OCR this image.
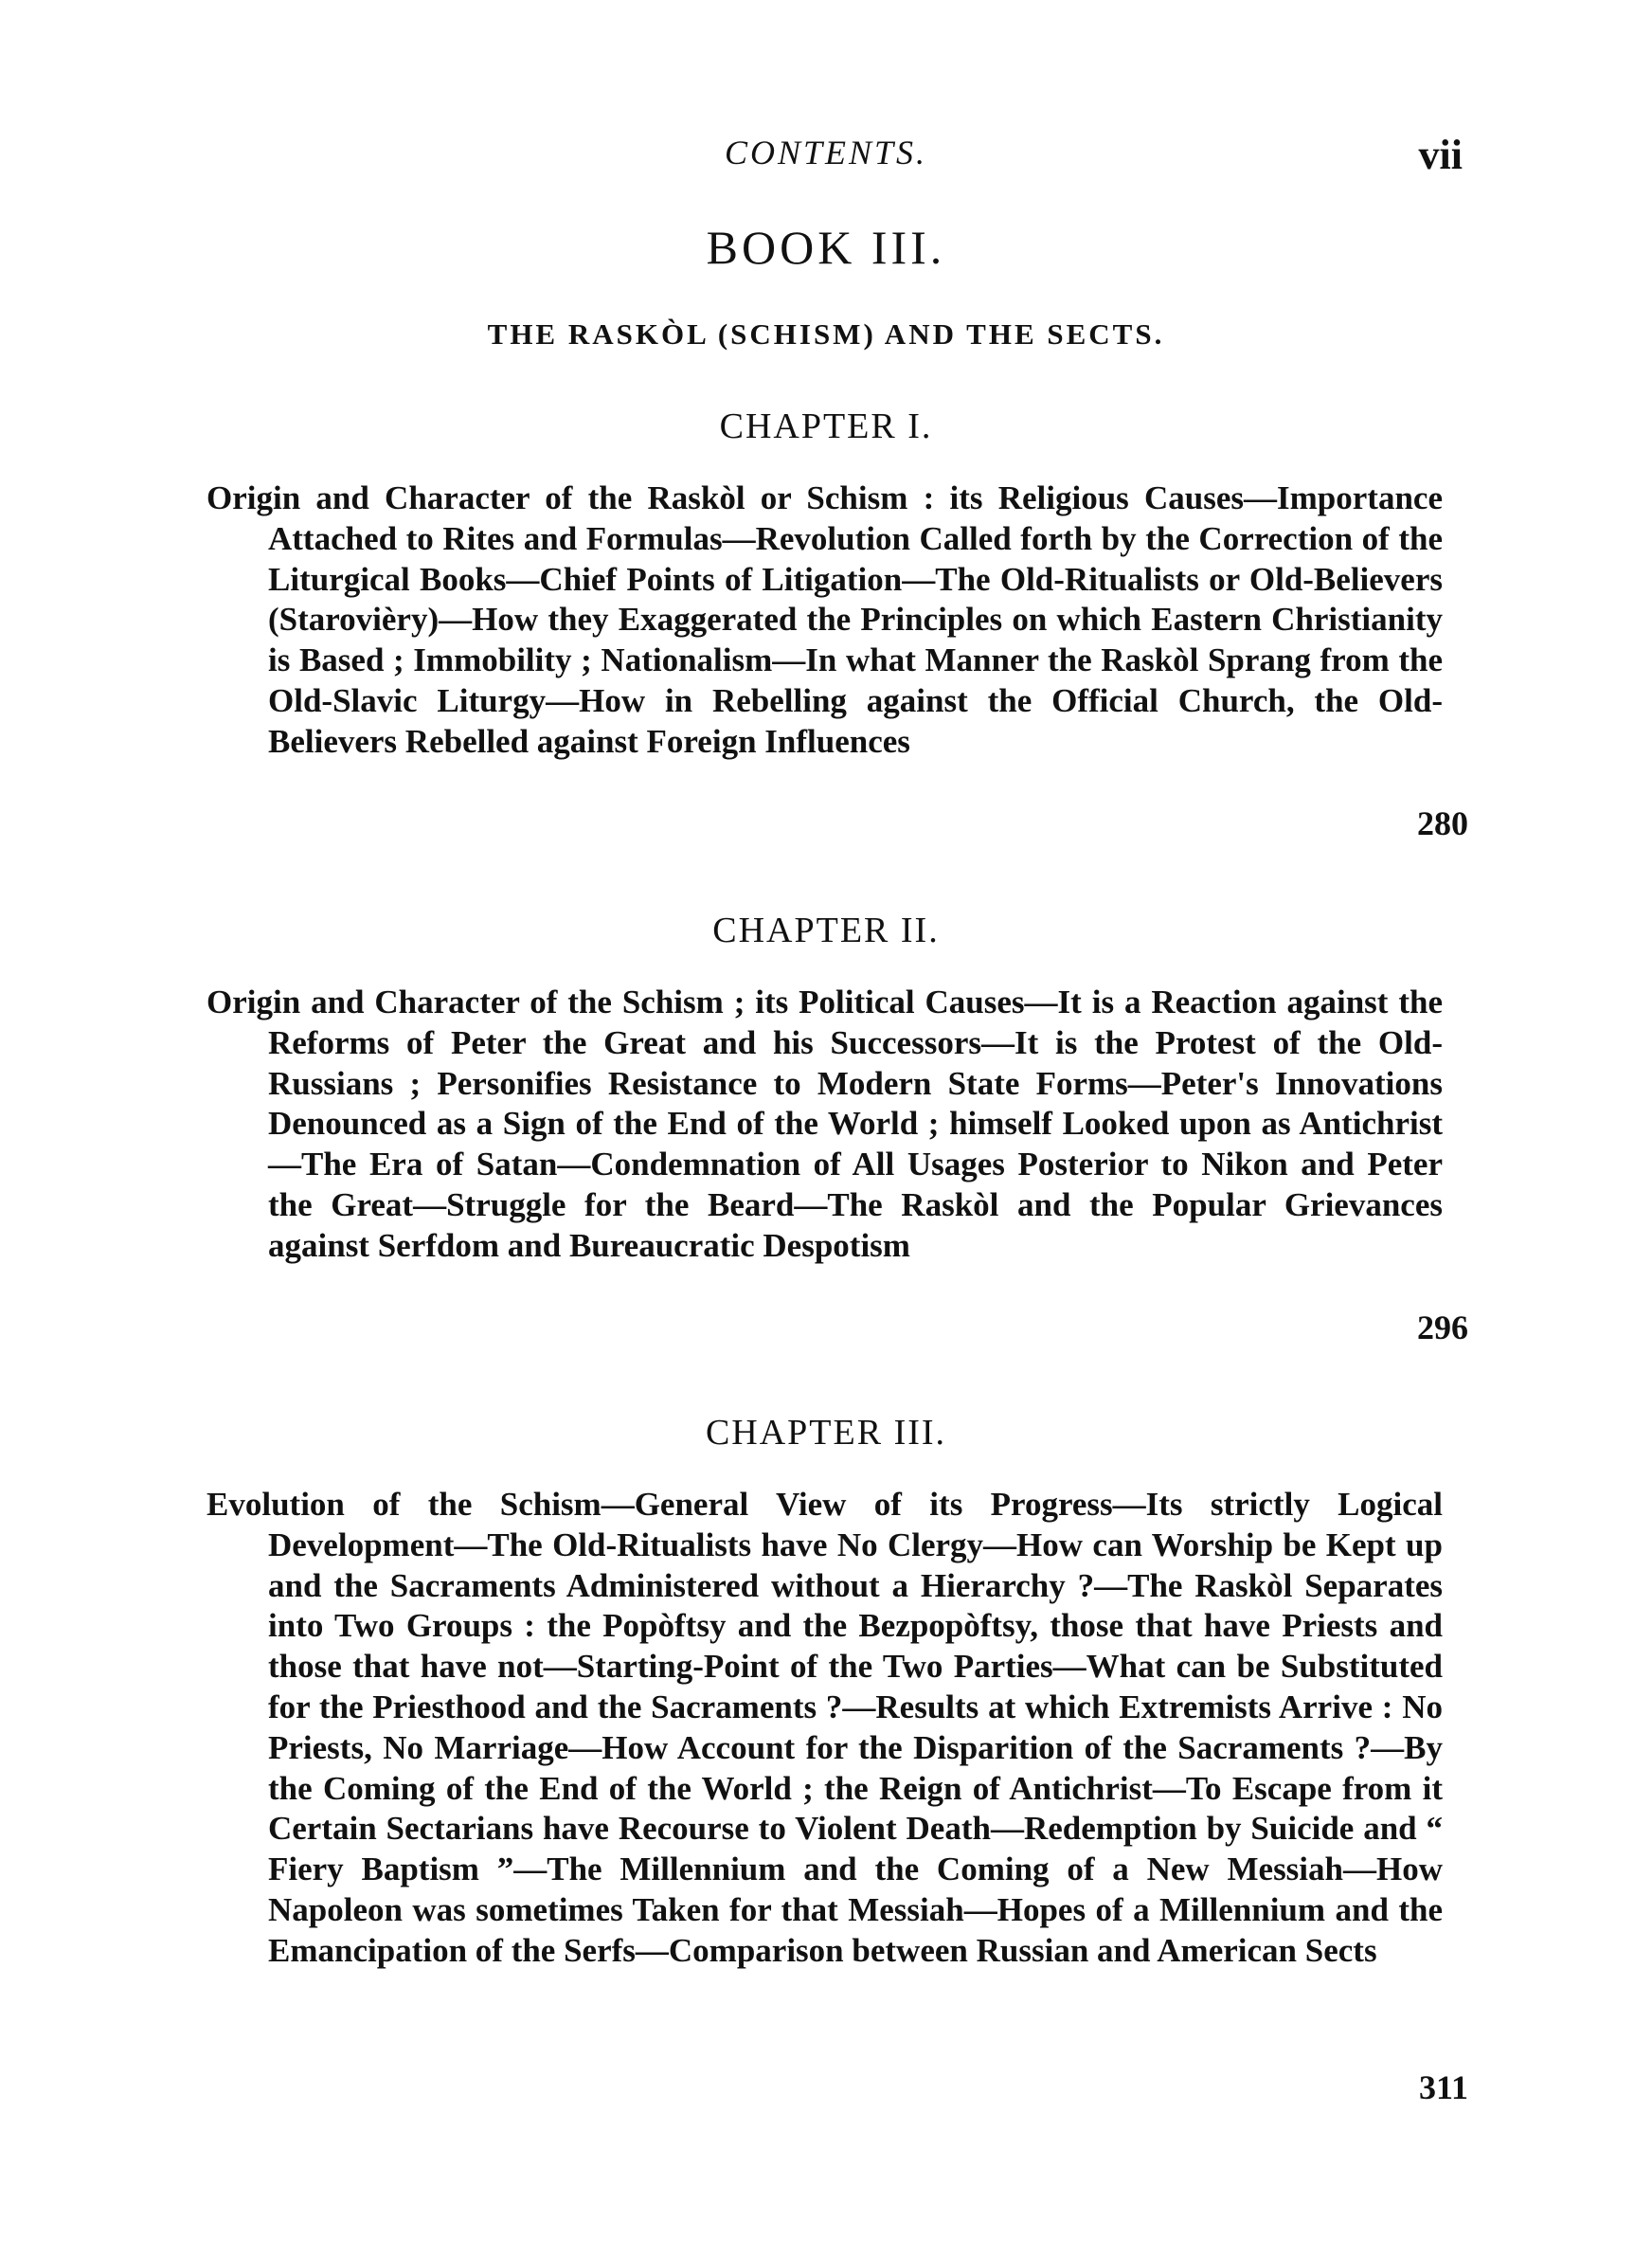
CONTENTS.	vii
BOOK III.
THE RASKÒL (SCHISM) AND THE SECTS.
CHAPTER I.
Origin and Character of the Raskòl or Schism : its Religious Causes—Importance Attached to Rites and Formulas—Revolution Called forth by the Correction of the Liturgical Books—Chief Points of Litigation—The Old-Ritualists or Old-Believers (Starovièry)—How they Exaggerated the Principles on which Eastern Christianity is Based ; Immobility ; Nationalism—In what Manner the Raskòl Sprang from the Old-Slavic Liturgy—How in Rebelling against the Official Church, the Old-Believers Rebelled against Foreign Influences
280
CHAPTER II.
Origin and Character of the Schism ; its Political Causes—It is a Reaction against the Reforms of Peter the Great and his Successors—It is the Protest of the Old-Russians ; Personifies Resistance to Modern State Forms—Peter's Innovations Denounced as a Sign of the End of the World ; himself Looked upon as Antichrist—The Era of Satan—Condemnation of All Usages Posterior to Nikon and Peter the Great—Struggle for the Beard—The Raskòl and the Popular Grievances against Serfdom and Bureaucratic Despotism
296
CHAPTER III.
Evolution of the Schism—General View of its Progress—Its strictly Logical Development—The Old-Ritualists have No Clergy—How can Worship be Kept up and the Sacraments Administered without a Hierarchy ?—The Raskòl Separates into Two Groups : the Popòftsy and the Bezpopòftsy, those that have Priests and those that have not—Starting-Point of the Two Parties—What can be Substituted for the Priesthood and the Sacraments ?—Results at which Extremists Arrive : No Priests, No Marriage—How Account for the Disparition of the Sacraments ?—By the Coming of the End of the World ; the Reign of Antichrist—To Escape from it Certain Sectarians have Recourse to Violent Death—Redemption by Suicide and “ Fiery Baptism ”—The Millennium and the Coming of a New Messiah—How Napoleon was sometimes Taken for that Messiah—Hopes of a Millennium and the Emancipation of the Serfs—Comparison between Russian and American Sects
311
